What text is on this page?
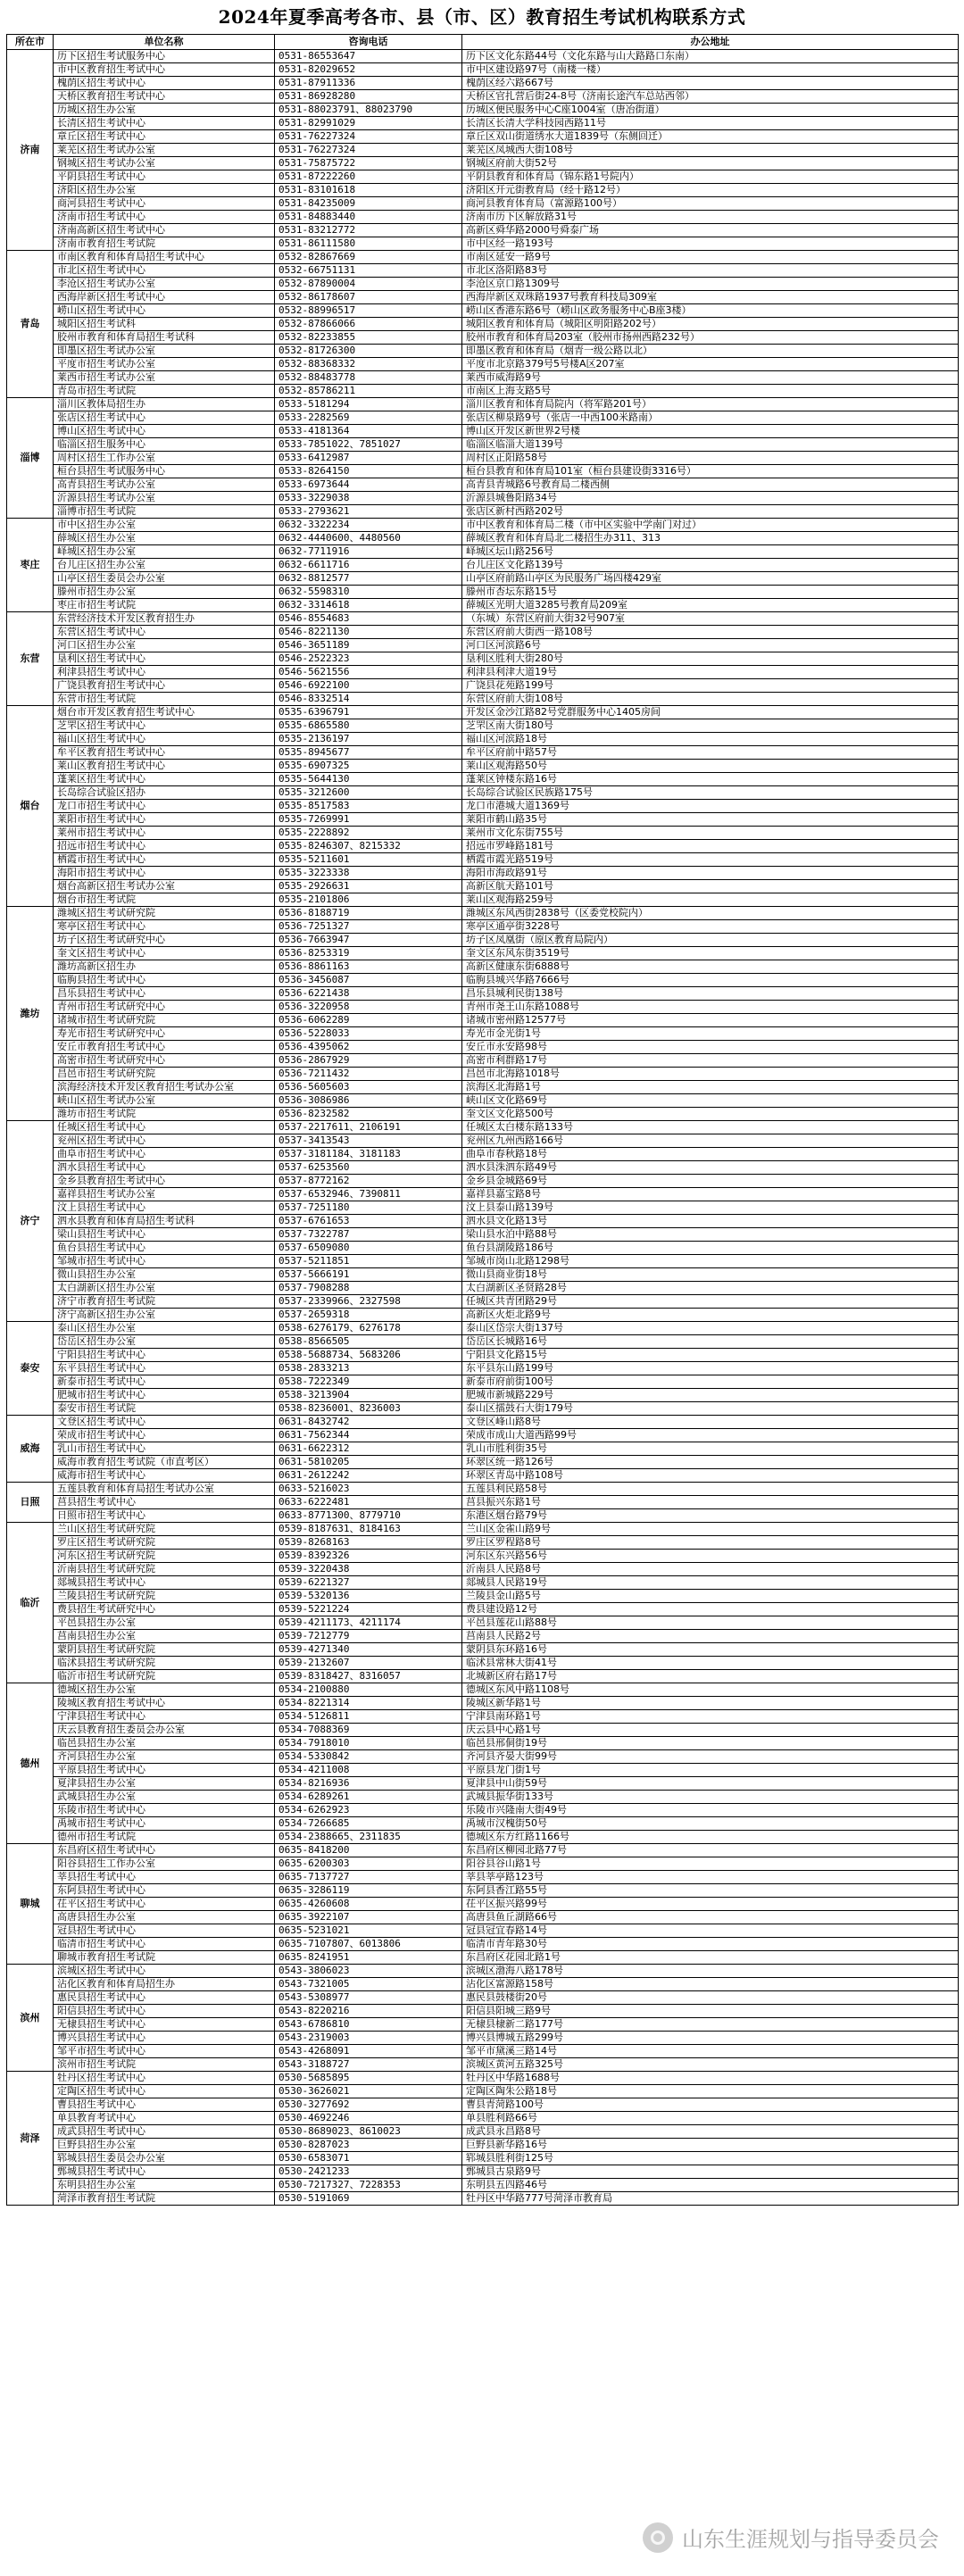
2024年夏季高考各市、县（市、区）教育招生考试机构联系方式
所在市	单位名称	咨询电话	办公地址
济南	历下区招生考试服务中心	0531-86553647	历下区文化东路44号（文化东路与山大路路口东南）
	市中区教育招生考试中心	0531-82029652	市中区建设路97号（南楼一楼）
	槐荫区招生考试中心	0531-87911336	槐荫区经六路667号
	天桥区教育招生考试中心	0531-86928280	天桥区官扎营后街24-8号（济南长途汽车总站西邻）
	历城区招生办公室	0531-88023791、88023790	历城区便民服务中心C座1004室（唐冶街道）
	长清区招生考试中心	0531-82991029	长清区长清大学科技园西路11号
	章丘区招生考试中心	0531-76227324	章丘区双山街道绣水大道1839号（东侧回迁）
	莱芜区招生考试办公室	0531-76227324	莱芜区凤城西大街108号
	钢城区招生考试办公室	0531-75875722	钢城区府前大街52号
	平阴县招生考试中心	0531-87222260	平阴县教育和体育局（锦东路1号院内）
	济阳区招生办公室	0531-83101618	济阳区开元街教育局（经十路12号）
	商河县招生考试中心	0531-84235009	商河县教育体育局（富源路100号）
	济南市招生考试中心	0531-84883440	济南市历下区解放路31号
	济南高新区招生考试中心	0531-83212772	高新区舜华路2000号舜泰广场
	济南市教育招生考试院	0531-86111580	市中区经一路193号
青岛	市南区教育和体育局招生考试中心	0532-82867669	市南区延安一路9号
	市北区招生考试中心	0532-66751131	市北区洛阳路83号
	李沧区招生考试办公室	0532-87890004	李沧区京口路1309号
	西海岸新区招生考试中心	0532-86178607	西海岸新区双珠路1937号教育科技局309室
	崂山区招生考试中心	0532-88996517	崂山区香港东路6号（崂山区政务服务中心B座3楼）
	城阳区招生考试科	0532-87866066	城阳区教育和体育局（城阳区明阳路202号）
	胶州市教育和体育局招生考试科	0532-82233855	胶州市教育和体育局203室（胶州市扬州西路232号）
	即墨区招生考试办公室	0532-81726300	即墨区教育和体育局（烟青一级公路以北）
	平度市招生考试办公室	0532-88368332	平度市北京路379号5号楼A区207室
	莱西市招生考试办公室	0532-88483778	莱西市威海路9号
	青岛市招生考试院	0532-85786211	市南区上海支路5号
淄博	淄川区教体局招生办	0533-5181294	淄川区教育和体育局院内（将军路201号）
	张店区招生考试中心	0533-2282569	张店区柳泉路9号（张店一中西100米路南）
	博山区招生考试中心	0533-4181364	博山区开发区新世界2号楼
	临淄区招生服务中心	0533-7851022、7851027	临淄区临淄大道139号
	周村区招生工作办公室	0533-6412987	周村区正阳路58号
	桓台县招生考试服务中心	0533-8264150	桓台县教育和体育局101室（桓台县建设街3316号）
	高青县招生考试办公室	0533-6973644	高青县青城路6号教育局二楼西侧
	沂源县招生考试办公室	0533-3229038	沂源县城鲁阳路34号
	淄博市招生考试院	0533-2793621	张店区新村西路202号
枣庄	市中区招生办公室	0632-3322234	市中区教育和体育局二楼（市中区实验中学南门对过）
	薛城区招生办公室	0632-4440600、4480560	薛城区教育和体育局北二楼招生办311、313
	峄城区招生办公室	0632-7711916	峄城区坛山路256号
	台儿庄区招生办公室	0632-6611716	台儿庄区文化路139号
	山亭区招生委员会办公室	0632-8812577	山亭区府前路山亭区为民服务广场四楼429室
	滕州市招生办公室	0632-5598310	滕州市杏坛东路15号
	枣庄市招生考试院	0632-3314618	薛城区光明大道3285号教育局209室
东营	东营经济技术开发区教育招生办	0546-8554683	（东城）东营区府前大街32号907室
	东营区招生考试中心	0546-8221130	东营区府前大街西一路108号
	河口区招生办公室	0546-3651189	河口区河滨路6号
	垦利区招生考试中心	0546-2522323	垦利区胜利大街280号
	利津县招生考试中心	0546-5621556	利津县利津大道19号
	广饶县教育招生考试中心	0546-6922100	广饶县花苑路199号
	东营市招生考试院	0546-8332514	东营区府前大街108号
烟台	烟台市开发区教育招生考试中心	0535-6396791	开发区金沙江路82号党群服务中心1405房间
	芝罘区招生考试中心	0535-6865580	芝罘区南大街180号
	福山区招生考试中心	0535-2136197	福山区河滨路18号
	牟平区教育招生考试中心	0535-8945677	牟平区府前中路57号
	莱山区教育招生考试中心	0535-6907325	莱山区观海路50号
	蓬莱区招生考试中心	0535-5644130	蓬莱区钟楼东路16号
	长岛综合试验区招办	0535-3212600	长岛综合试验区民族路175号
	龙口市招生考试中心	0535-8517583	龙口市港城大道1369号
	莱阳市招生考试中心	0535-7269991	莱阳市鹤山路35号
	莱州市招生考试中心	0535-2228892	莱州市文化东街755号
	招远市招生考试中心	0535-8246307、8215332	招远市罗峰路181号
	栖霞市招生考试中心	0535-5211601	栖霞市霞光路519号
	海阳市招生考试中心	0535-3223338	海阳市海政路91号
	烟台高新区招生考试办公室	0535-2926631	高新区航天路101号
	烟台市招生考试院	0535-2101806	莱山区观海路259号
潍坊	潍城区招生考试研究院	0536-8188719	潍城区东风西街2838号（区委党校院内）
	寒亭区招生考试中心	0536-7251327	寒亭区通亭街3228号
	坊子区招生考试研究中心	0536-7663947	坊子区凤凰街（原区教育局院内）
	奎文区招生考试中心	0536-8253319	奎文区东风东街3519号
	潍坊高新区招生办	0536-8861163	高新区健康东街6888号
	临朐县招生考试中心	0536-3456087	临朐县城兴华路7666号
	昌乐县招生考试中心	0536-6221438	昌乐县城利民街138号
	青州市招生考试研究中心	0536-3220958	青州市尧王山东路1088号
	诸城市招生考试研究院	0536-6062289	诸城市密州路12577号
	寿光市招生考试研究中心	0536-5228033	寿光市金光街1号
	安丘市教育招生考试中心	0536-4395062	安丘市永安路98号
	高密市招生考试研究中心	0536-2867929	高密市利群路17号
	昌邑市招生考试研究院	0536-7211432	昌邑市北海路1018号
	滨海经济技术开发区教育招生考试办公室	0536-5605603	滨海区北海路1号
	峡山区招生考试办公室	0536-3086986	峡山区文化路69号
	潍坊市招生考试院	0536-8232582	奎文区文化路500号
济宁	任城区招生考试中心	0537-2217611、2106191	任城区太白楼东路133号
	兖州区招生考试中心	0537-3413543	兖州区九州西路166号
	曲阜市招生考试中心	0537-3181184、3181183	曲阜市春秋路18号
	泗水县招生考试中心	0537-6253560	泗水县洙泗东路49号
	金乡县教育招生考试中心	0537-8772162	金乡县金城路69号
	嘉祥县招生考试办公室	0537-6532946、7390811	嘉祥县嘉宝路8号
	汶上县招生考试中心	0537-7251180	汶上县泰山路139号
	泗水县教育和体育局招生考试科	0537-6761653	泗水县文化路13号
	梁山县招生考试中心	0537-7322787	梁山县水泊中路88号
	鱼台县招生考试中心	0537-6509080	鱼台县湖陵路186号
	邹城市招生考试中心	0537-5211851	邹城市岗山北路1298号
	微山县招生办公室	0537-5666191	微山县商业街18号
	太白湖新区招生办公室	0537-7908288	太白湖新区圣贤路28号
	济宁市教育招生考试院	0537-2339966、2327598	任城区共青团路29号
	济宁高新区招生办公室	0537-2659318	高新区火炬北路9号
泰安	泰山区招生办公室	0538-6276179、6276178	泰山区岱宗大街137号
	岱岳区招生办公室	0538-8566505	岱岳区长城路16号
	宁阳县招生考试中心	0538-5688734、5683206	宁阳县文化路15号
	东平县招生考试中心	0538-2833213	东平县东山路199号
	新泰市招生考试中心	0538-7222349	新泰市府前街100号
	肥城市招生考试中心	0538-3213904	肥城市新城路229号
	泰安市招生考试院	0538-8236001、8236003	泰山区擂鼓石大街179号
威海	文登区招生考试中心	0631-8432742	文登区峰山路8号
	荣成市招生考试中心	0631-7562344	荣成市成山大道西路99号
	乳山市招生考试中心	0631-6622312	乳山市胜利街35号
	威海市教育招生考试院（市直考区）	0631-5810205	环翠区统一路126号
	威海市招生考试中心	0631-2612242	环翠区青岛中路108号
日照	五莲县教育和体育局招生考试办公室	0633-5216023	五莲县利民路58号
	莒县招生考试中心	0633-6222481	莒县振兴东路1号
	日照市招生考试中心	0633-8771300、8779710	东港区烟台路79号
临沂	兰山区招生考试研究院	0539-8187631、8184163	兰山区金雀山路9号
	罗庄区招生考试研究院	0539-8268163	罗庄区罗程路8号
	河东区招生考试研究院	0539-8392326	河东区东兴路56号
	沂南县招生考试研究院	0539-3220438	沂南县人民路8号
	郯城县招生考试中心	0539-6221327	郯城县人民路19号
	兰陵县招生考试研究院	0539-5320136	兰陵县金山路5号
	费县招生考试研究中心	0539-5221224	费县建设路12号
	平邑县招生办公室	0539-4211173、4211174	平邑县莲花山路88号
	莒南县招生办公室	0539-7212779	莒南县人民路2号
	蒙阴县招生考试研究院	0539-4271340	蒙阴县东环路16号
	临沭县招生考试研究院	0539-2132607	临沭县常林大街41号
	临沂市招生考试研究院	0539-8318427、8316057	北城新区府右路17号
德州	德城区招生办公室	0534-2100880	德城区东风中路1108号
	陵城区教育招生考试中心	0534-8221314	陵城区新华路1号
	宁津县招生考试中心	0534-5126811	宁津县南环路1号
	庆云县教育招生委员会办公室	0534-7088369	庆云县中心路1号
	临邑县招生办公室	0534-7918010	临邑县邢侗街19号
	齐河县招生办公室	0534-5330842	齐河县齐晏大街99号
	平原县招生考试中心	0534-4211008	平原县龙门街1号
	夏津县招生办公室	0534-8216936	夏津县中山街59号
	武城县招生办公室	0534-6289261	武城县振华街133号
	乐陵市招生考试中心	0534-6262923	乐陵市兴隆南大街49号
	禹城市招生考试中心	0534-7266685	禹城市汉槐街50号
	德州市招生考试院	0534-2388665、2311835	德城区东方红路1166号
聊城	东昌府区招生考试中心	0635-8418200	东昌府区柳园北路77号
	阳谷县招生工作办公室	0635-6200303	阳谷县谷山路1号
	莘县招生考试中心	0635-7137727	莘县莘亭路123号
	东阿县招生考试中心	0635-3286119	东阿县香江路55号
	茌平区招生考试中心	0635-4260608	茌平区振兴路99号
	高唐县招生办公室	0635-3922107	高唐县鱼丘湖路66号
	冠县招生考试中心	0635-5231021	冠县冠宜春路14号
	临清市招生考试中心	0635-7107807、6013806	临清市青年路30号
	聊城市教育招生考试院	0635-8241951	东昌府区花园北路1号
滨州	滨城区招生考试中心	0543-3806023	滨城区渤海八路178号
	沾化区教育和体育局招生办	0543-7321005	沾化区富源路158号
	惠民县招生考试中心	0543-5308977	惠民县鼓楼街20号
	阳信县招生考试中心	0543-8220216	阳信县阳城三路9号
	无棣县招生考试中心	0543-6786810	无棣县棣新二路177号
	博兴县招生考试中心	0543-2319003	博兴县博城五路299号
	邹平市招生考试中心	0543-4268091	邹平市黛溪三路14号
	滨州市招生考试院	0543-3188727	滨城区黄河五路325号
菏泽	牡丹区招生考试中心	0530-5685895	牡丹区中华路1688号
	定陶区招生考试中心	0530-3626021	定陶区陶朱公路18号
	曹县招生考试中心	0530-3277692	曹县青菏路100号
	单县教育考试中心	0530-4692246	单县胜利路66号
	成武县招生考试中心	0530-8689023、8610023	成武县永昌路8号
	巨野县招生办公室	0530-8287023	巨野县新华路16号
	郓城县招生委员会办公室	0530-6583071	郓城县胜利街125号
	鄄城县招生考试中心	0530-2421233	鄄城县古泉路9号
	东明县招生办公室	0530-7217327、7228353	东明县五四路46号
	菏泽市教育招生考试院	0530-5191069	牡丹区中华路777号菏泽市教育局
山东生涯规划与指导委员会
